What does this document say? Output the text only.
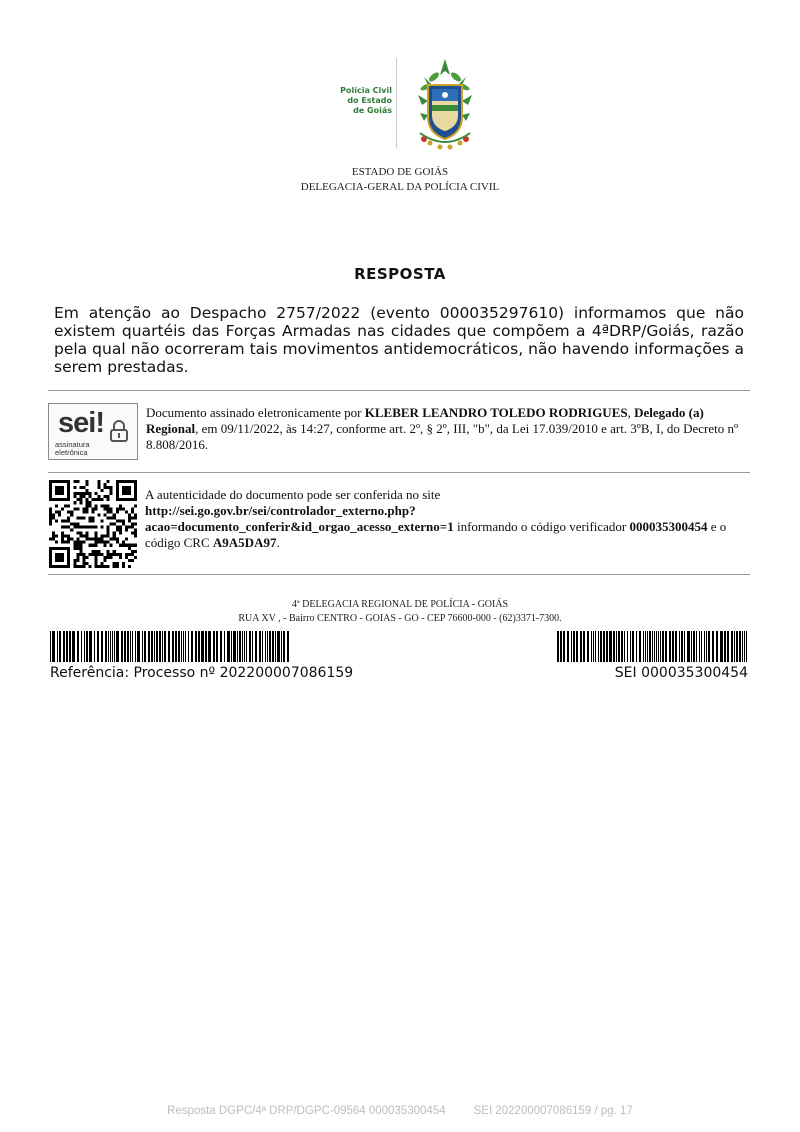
Polícia Civil
do Estado
de Goiás
ESTADO DE GOIÁS
DELEGACIA-GERAL DA POLÍCIA CIVIL
RESPOSTA
Em atenção ao Despacho 2757/2022 (evento 000035297610) informamos que não existem quartéis das Forças Armadas nas cidades que compõem a 4ªDRP/Goiás, razão pela qual não ocorreram tais movimentos antidemocráticos, não havendo informações a serem prestadas.
sei!
assinatura
eletrônica
Documento assinado eletronicamente por KLEBER LEANDRO TOLEDO RODRIGUES, Delegado (a) Regional, em 09/11/2022, às 14:27, conforme art. 2º, § 2º, III, "b", da Lei 17.039/2010 e art. 3ºB, I, do Decreto nº 8.808/2016.
A autenticidade do documento pode ser conferida no site
http://sei.go.gov.br/sei/controlador_externo.php?
acao=documento_conferir&id_orgao_acesso_externo=1 informando o código verificador 000035300454 e o código CRC A9A5DA97.
4ª DELEGACIA REGIONAL DE POLÍCIA - GOIÁS
RUA XV , - Bairro CENTRO - GOIAS - GO - CEP 76600-000 - (62)3371-7300.
Referência: Processo nº 202200007086159	SEI 000035300454
Resposta DGPC/4ª DRP/DGPC-09564 000035300454 SEI 202200007086159 / pg. 17
